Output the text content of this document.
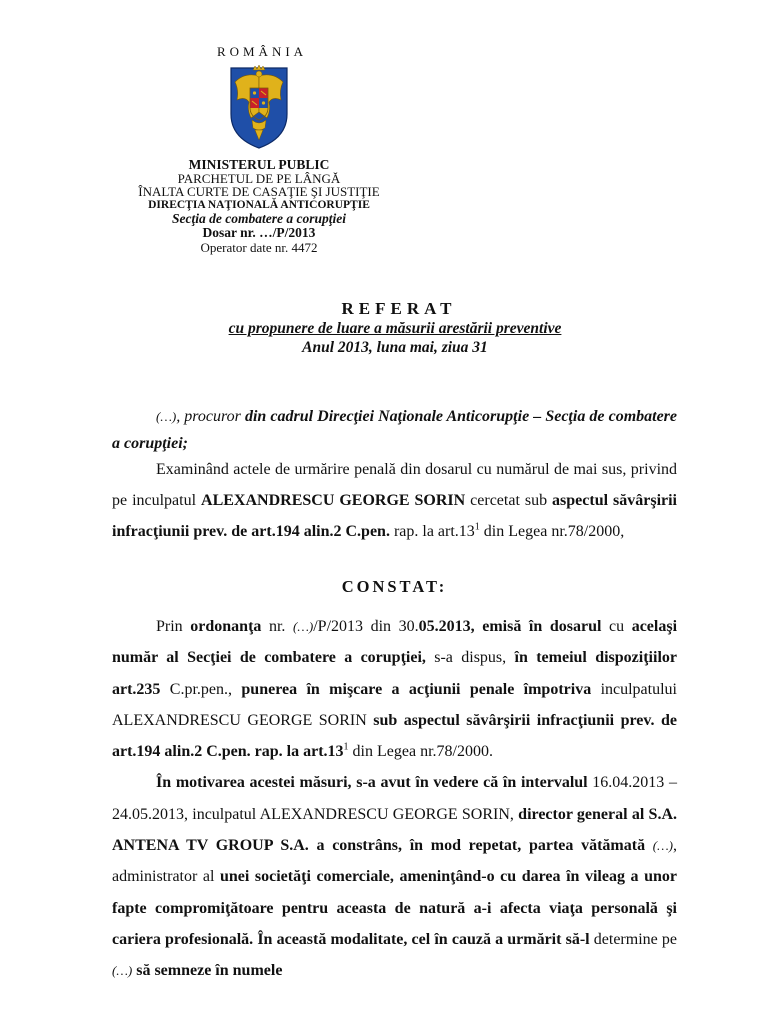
ROMÂNIA
MINISTERUL PUBLIC
PARCHETUL DE PE LÂNGĂ
ÎNALTA CURTE DE CASAŢIE ŞI JUSTIŢIE
DIRECŢIA NAŢIONALĂ ANTICORUPŢIE
Secţia de combatere a corupţiei
Dosar nr. …/P/2013
Operator date nr. 4472
REFERAT
cu propunere de luare a măsurii arestării preventive
Anul 2013, luna mai, ziua 31

(…), procuror din cadrul Direcţiei Naţionale Anticorupţie – Secţia de combatere a corupţiei;

Examinând actele de urmărire penală din dosarul cu numărul de mai sus, privind pe inculpatul ALEXANDRESCU GEORGE SORIN cercetat sub aspectul săvârşirii infracţiunii prev. de art.194 alin.2 C.pen. rap. la $art.13^1$ din Legea nr.78/2000,

CONSTAT:

Prin ordonanţa nr. (…)/P/2013 din 30.05.2013, emisă în dosarul cu acelaşi număr al Secţiei de combatere a corupţiei, s-a dispus, în temeiul dispoziţiilor art.235 C.pr.pen., punerea în mişcare a acţiunii penale împotriva inculpatului ALEXANDRESCU GEORGE SORIN sub aspectul săvârşirii infracţiunii prev. de art.194 alin.2 C.pen. rap. la $art.13^1$ din Legea nr.78/2000.

În motivarea acestei măsuri, s-a avut în vedere că în intervalul 16.04.2013 – 24.05.2013, inculpatul ALEXANDRESCU GEORGE SORIN, director general al S.A. ANTENA TV GROUP S.A. a constrâns, în mod repetat, partea vătămată (…), administrator al unei societăţi comerciale, ameninţând-o cu darea în vileag a unor fapte compromiţătoare pentru aceasta de natură a-i afecta viaţa personală şi cariera profesională. În această modalitate, cel în cauză a urmărit să-l determine pe (…) să semneze în numele
